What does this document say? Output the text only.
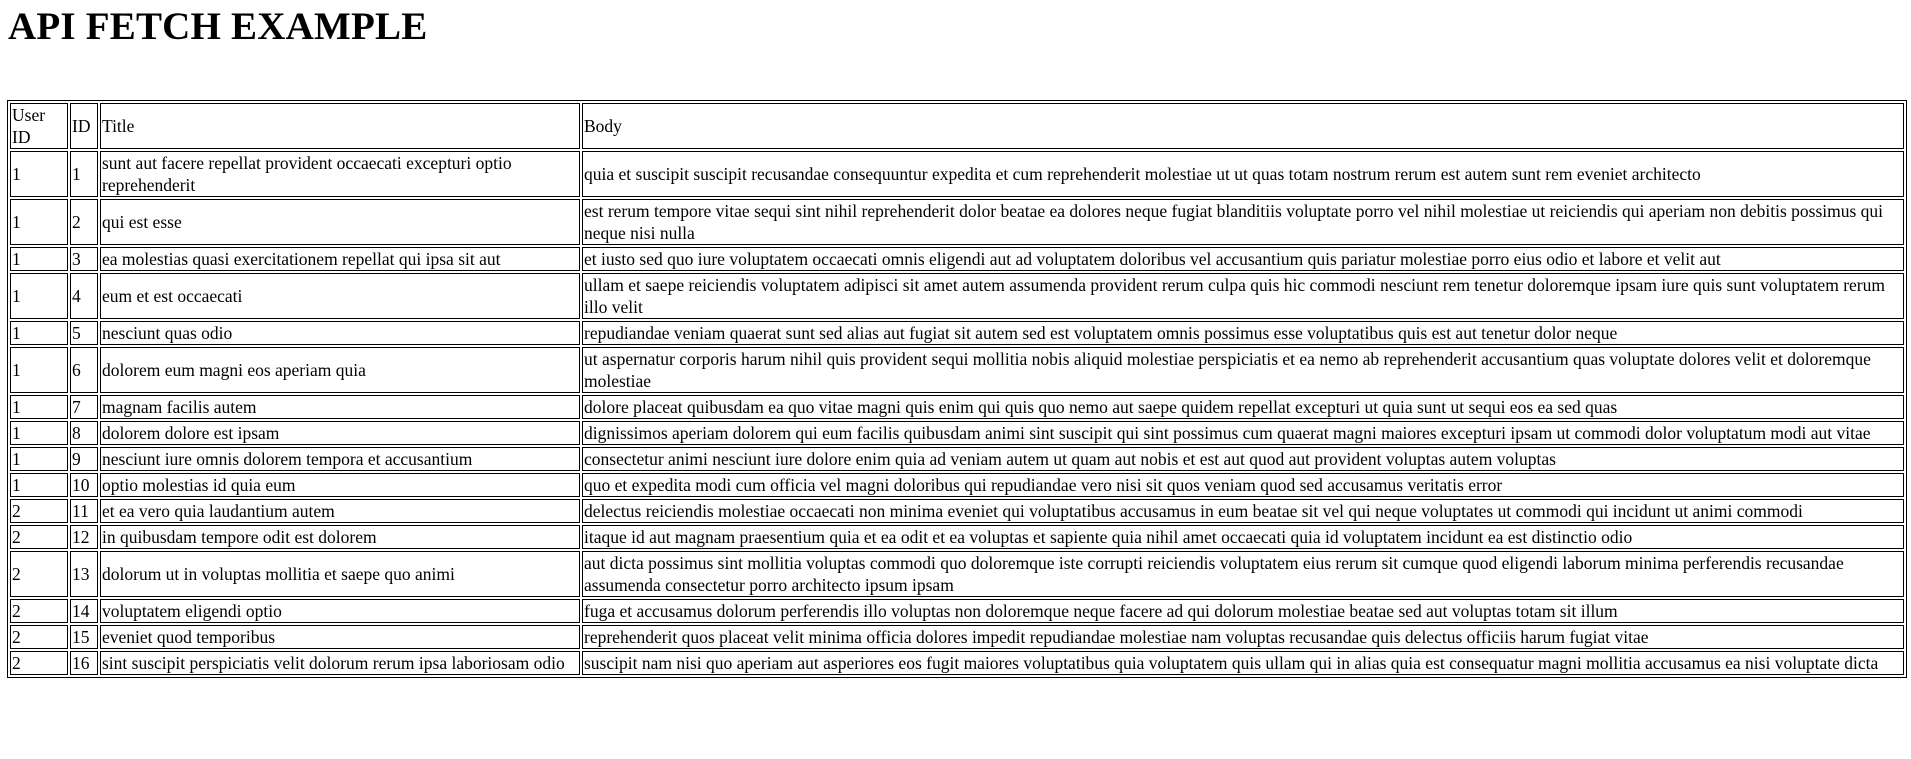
API FETCH EXAMPLE
User ID	ID	Title	Body
1	1	sunt aut facere repellat provident occaecati excepturi optio reprehenderit	quia et suscipit suscipit recusandae consequuntur expedita et cum reprehenderit molestiae ut ut quas totam nostrum rerum est autem sunt rem eveniet architecto
1	2	qui est esse	est rerum tempore vitae sequi sint nihil reprehenderit dolor beatae ea dolores neque fugiat blanditiis voluptate porro vel nihil molestiae ut reiciendis qui aperiam non debitis possimus qui neque nisi nulla
1	3	ea molestias quasi exercitationem repellat qui ipsa sit aut	et iusto sed quo iure voluptatem occaecati omnis eligendi aut ad voluptatem doloribus vel accusantium quis pariatur molestiae porro eius odio et labore et velit aut
1	4	eum et est occaecati	ullam et saepe reiciendis voluptatem adipisci sit amet autem assumenda provident rerum culpa quis hic commodi nesciunt rem tenetur doloremque ipsam iure quis sunt voluptatem rerum illo velit
1	5	nesciunt quas odio	repudiandae veniam quaerat sunt sed alias aut fugiat sit autem sed est voluptatem omnis possimus esse voluptatibus quis est aut tenetur dolor neque
1	6	dolorem eum magni eos aperiam quia	ut aspernatur corporis harum nihil quis provident sequi mollitia nobis aliquid molestiae perspiciatis et ea nemo ab reprehenderit accusantium quas voluptate dolores velit et doloremque molestiae
1	7	magnam facilis autem	dolore placeat quibusdam ea quo vitae magni quis enim qui quis quo nemo aut saepe quidem repellat excepturi ut quia sunt ut sequi eos ea sed quas
1	8	dolorem dolore est ipsam	dignissimos aperiam dolorem qui eum facilis quibusdam animi sint suscipit qui sint possimus cum quaerat magni maiores excepturi ipsam ut commodi dolor voluptatum modi aut vitae
1	9	nesciunt iure omnis dolorem tempora et accusantium	consectetur animi nesciunt iure dolore enim quia ad veniam autem ut quam aut nobis et est aut quod aut provident voluptas autem voluptas
1	10	optio molestias id quia eum	quo et expedita modi cum officia vel magni doloribus qui repudiandae vero nisi sit quos veniam quod sed accusamus veritatis error
2	11	et ea vero quia laudantium autem	delectus reiciendis molestiae occaecati non minima eveniet qui voluptatibus accusamus in eum beatae sit vel qui neque voluptates ut commodi qui incidunt ut animi commodi
2	12	in quibusdam tempore odit est dolorem	itaque id aut magnam praesentium quia et ea odit et ea voluptas et sapiente quia nihil amet occaecati quia id voluptatem incidunt ea est distinctio odio
2	13	dolorum ut in voluptas mollitia et saepe quo animi	aut dicta possimus sint mollitia voluptas commodi quo doloremque iste corrupti reiciendis voluptatem eius rerum sit cumque quod eligendi laborum minima perferendis recusandae assumenda consectetur porro architecto ipsum ipsam
2	14	voluptatem eligendi optio	fuga et accusamus dolorum perferendis illo voluptas non doloremque neque facere ad qui dolorum molestiae beatae sed aut voluptas totam sit illum
2	15	eveniet quod temporibus	reprehenderit quos placeat velit minima officia dolores impedit repudiandae molestiae nam voluptas recusandae quis delectus officiis harum fugiat vitae
2	16	sint suscipit perspiciatis velit dolorum rerum ipsa laboriosam odio	suscipit nam nisi quo aperiam aut asperiores eos fugit maiores voluptatibus quia voluptatem quis ullam qui in alias quia est consequatur magni mollitia accusamus ea nisi voluptate dicta
